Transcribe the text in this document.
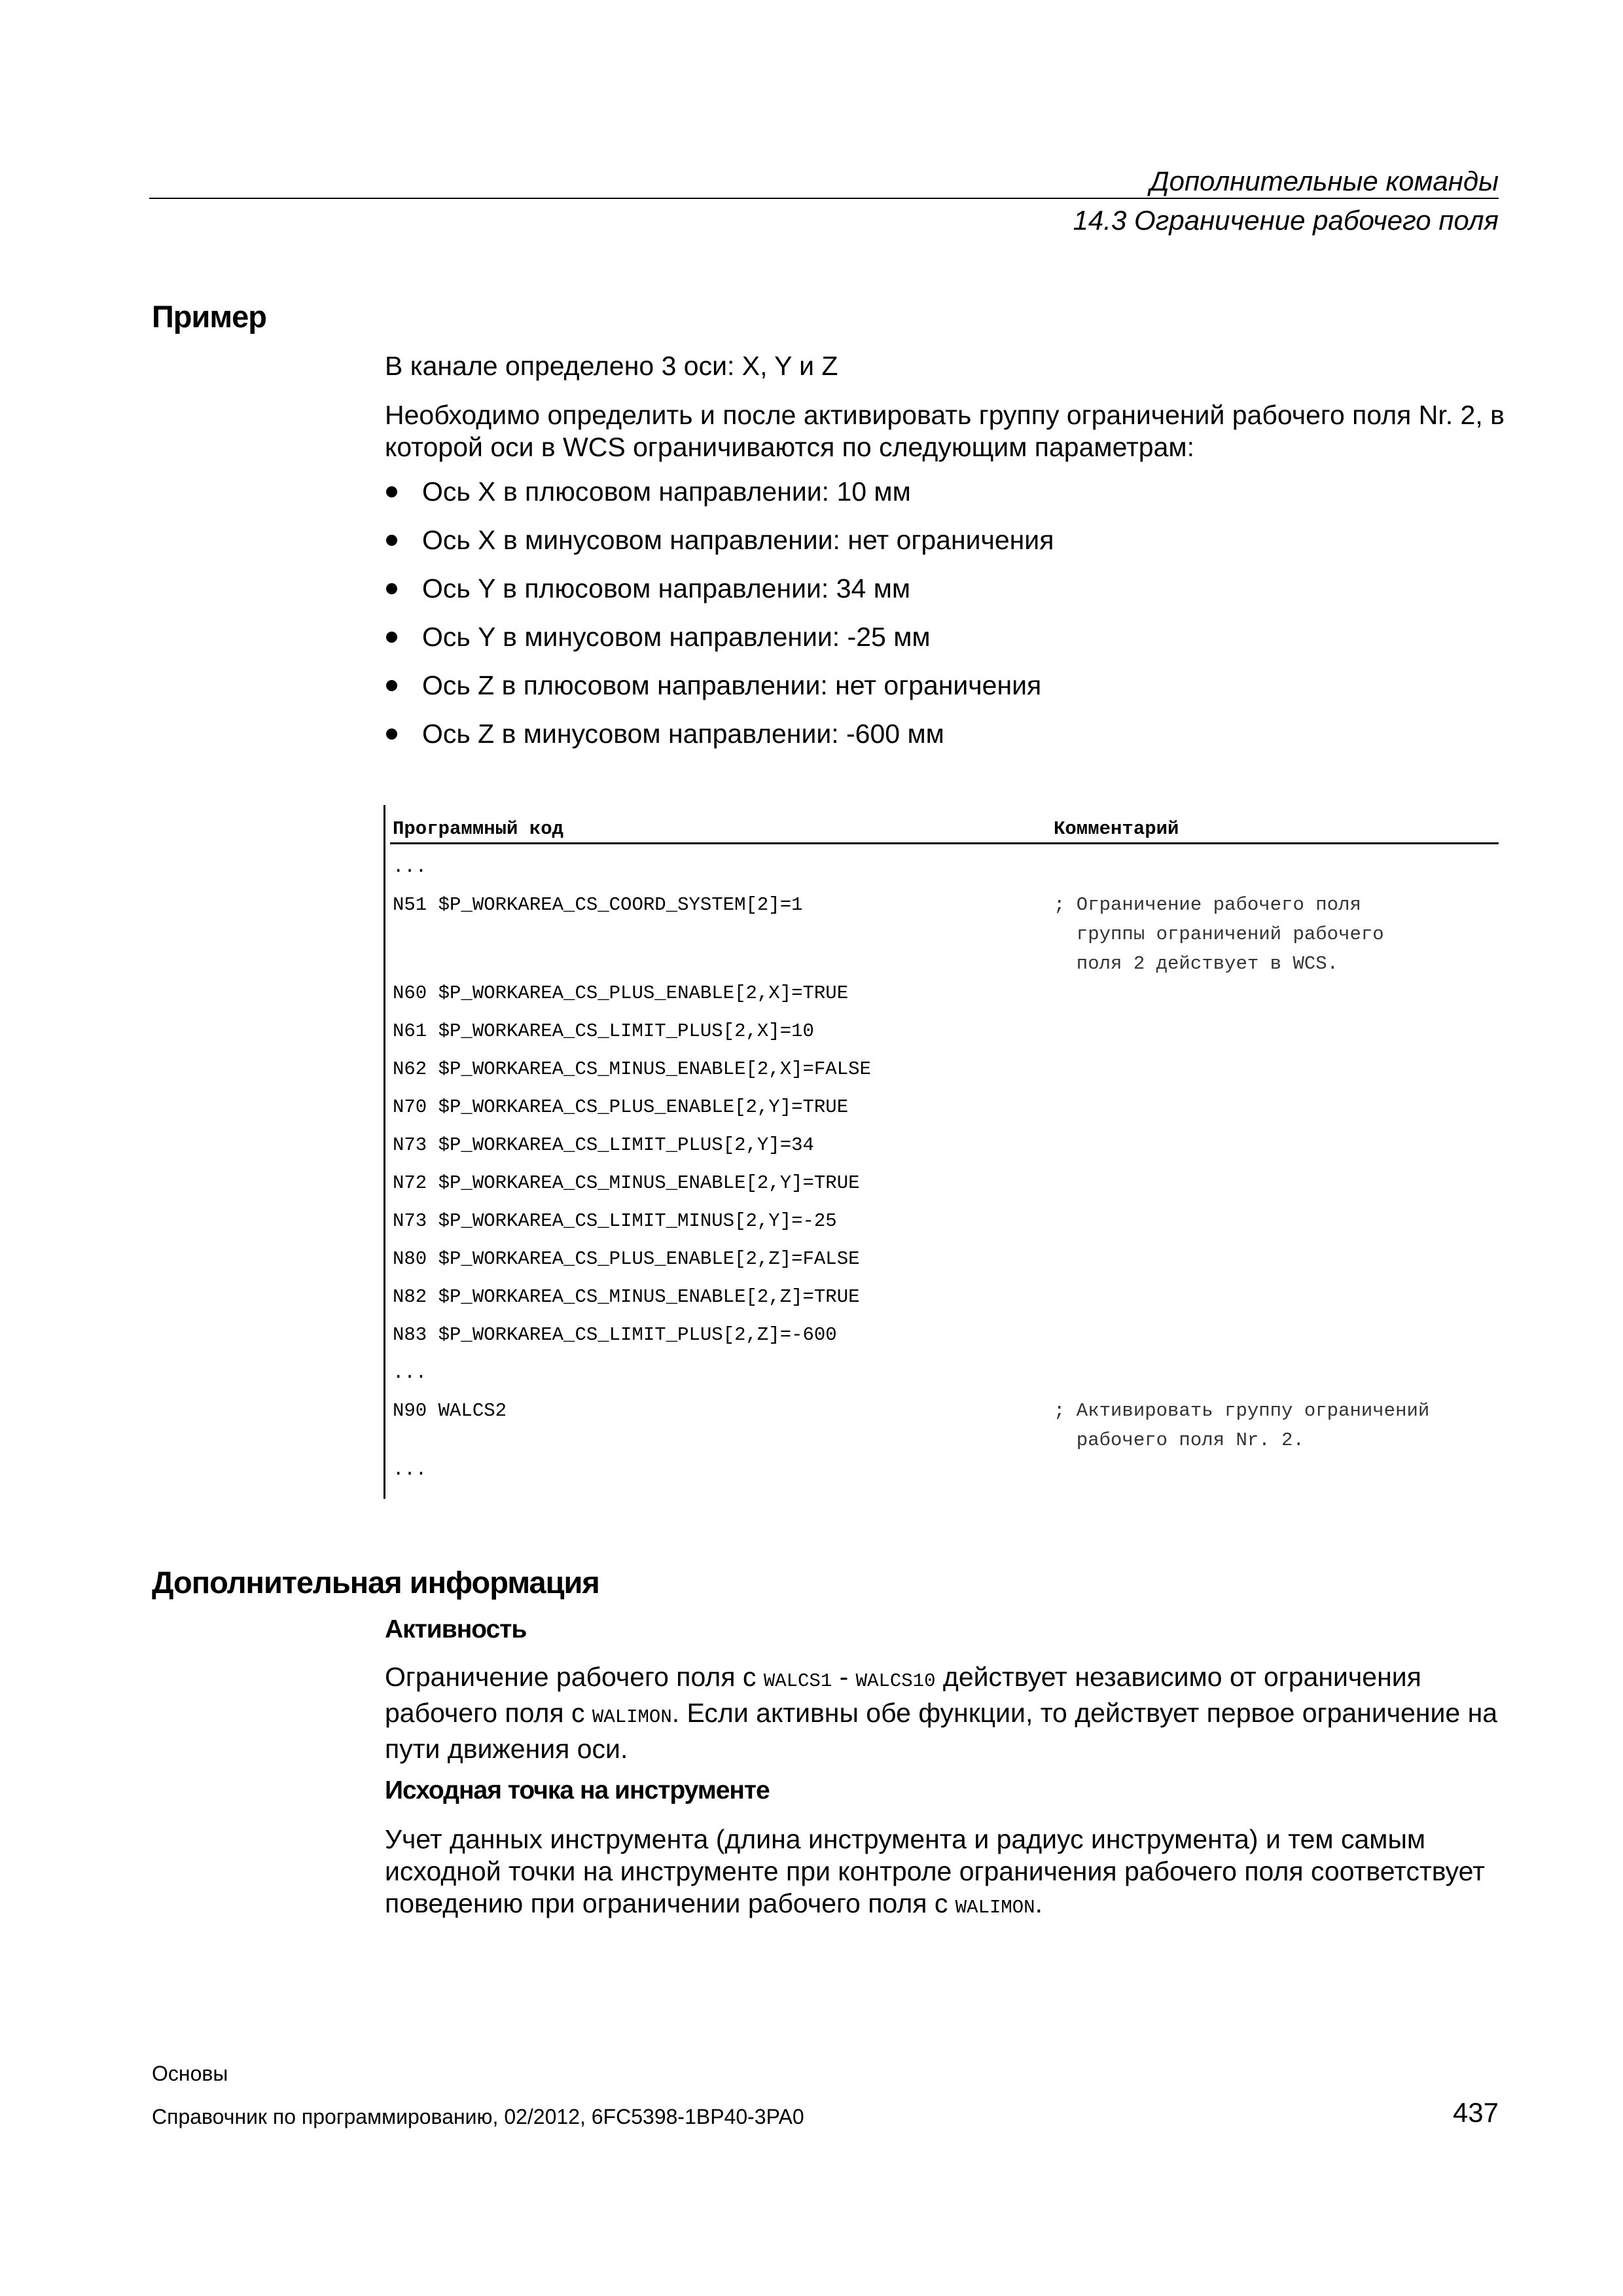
Дополнительные команды
14.3 Ограничение рабочего поля
Пример
В канале определено 3 оси: X, Y и Z
Необходимо определить и после активировать группу ограничений рабочего поля Nr. 2, в которой оси в WCS ограничиваются по следующим параметрам:
Ось X в плюсовом направлении: 10 мм
Ось X в минусовом направлении: нет ограничения
Ось Y в плюсовом направлении: 34 мм
Ось Y в минусовом направлении: -25 мм
Ось Z в плюсовом направлении: нет ограничения
Ось Z в минусовом направлении: -600 мм
Программный код	Комментарий
...
N51 $P_WORKAREA_CS_COORD_SYSTEM[2]=1	; Ограничение рабочего поля
группы ограничений рабочего
поля 2 действует в WCS.
N60 $P_WORKAREA_CS_PLUS_ENABLE[2,X]=TRUE
N61 $P_WORKAREA_CS_LIMIT_PLUS[2,X]=10
N62 $P_WORKAREA_CS_MINUS_ENABLE[2,X]=FALSE
N70 $P_WORKAREA_CS_PLUS_ENABLE[2,Y]=TRUE
N73 $P_WORKAREA_CS_LIMIT_PLUS[2,Y]=34
N72 $P_WORKAREA_CS_MINUS_ENABLE[2,Y]=TRUE
N73 $P_WORKAREA_CS_LIMIT_MINUS[2,Y]=-25
N80 $P_WORKAREA_CS_PLUS_ENABLE[2,Z]=FALSE
N82 $P_WORKAREA_CS_MINUS_ENABLE[2,Z]=TRUE
N83 $P_WORKAREA_CS_LIMIT_PLUS[2,Z]=-600
...
N90 WALCS2	; Активировать группу ограничений
рабочего поля Nr. 2.
...
Дополнительная информация
Активность
Ограничение рабочего поля с WALCS1 - WALCS10 действует независимо от ограничения рабочего поля с WALIMON. Если активны обе функции, то действует первое ограничение на пути движения оси.
Исходная точка на инструменте
Учет данных инструмента (длина инструмента и радиус инструмента) и тем самым исходной точки на инструменте при контроле ограничения рабочего поля соответствует поведению при ограничении рабочего поля с WALIMON.
Основы
Справочник по программированию, 02/2012, 6FC5398-1BP40-3PA0	437
